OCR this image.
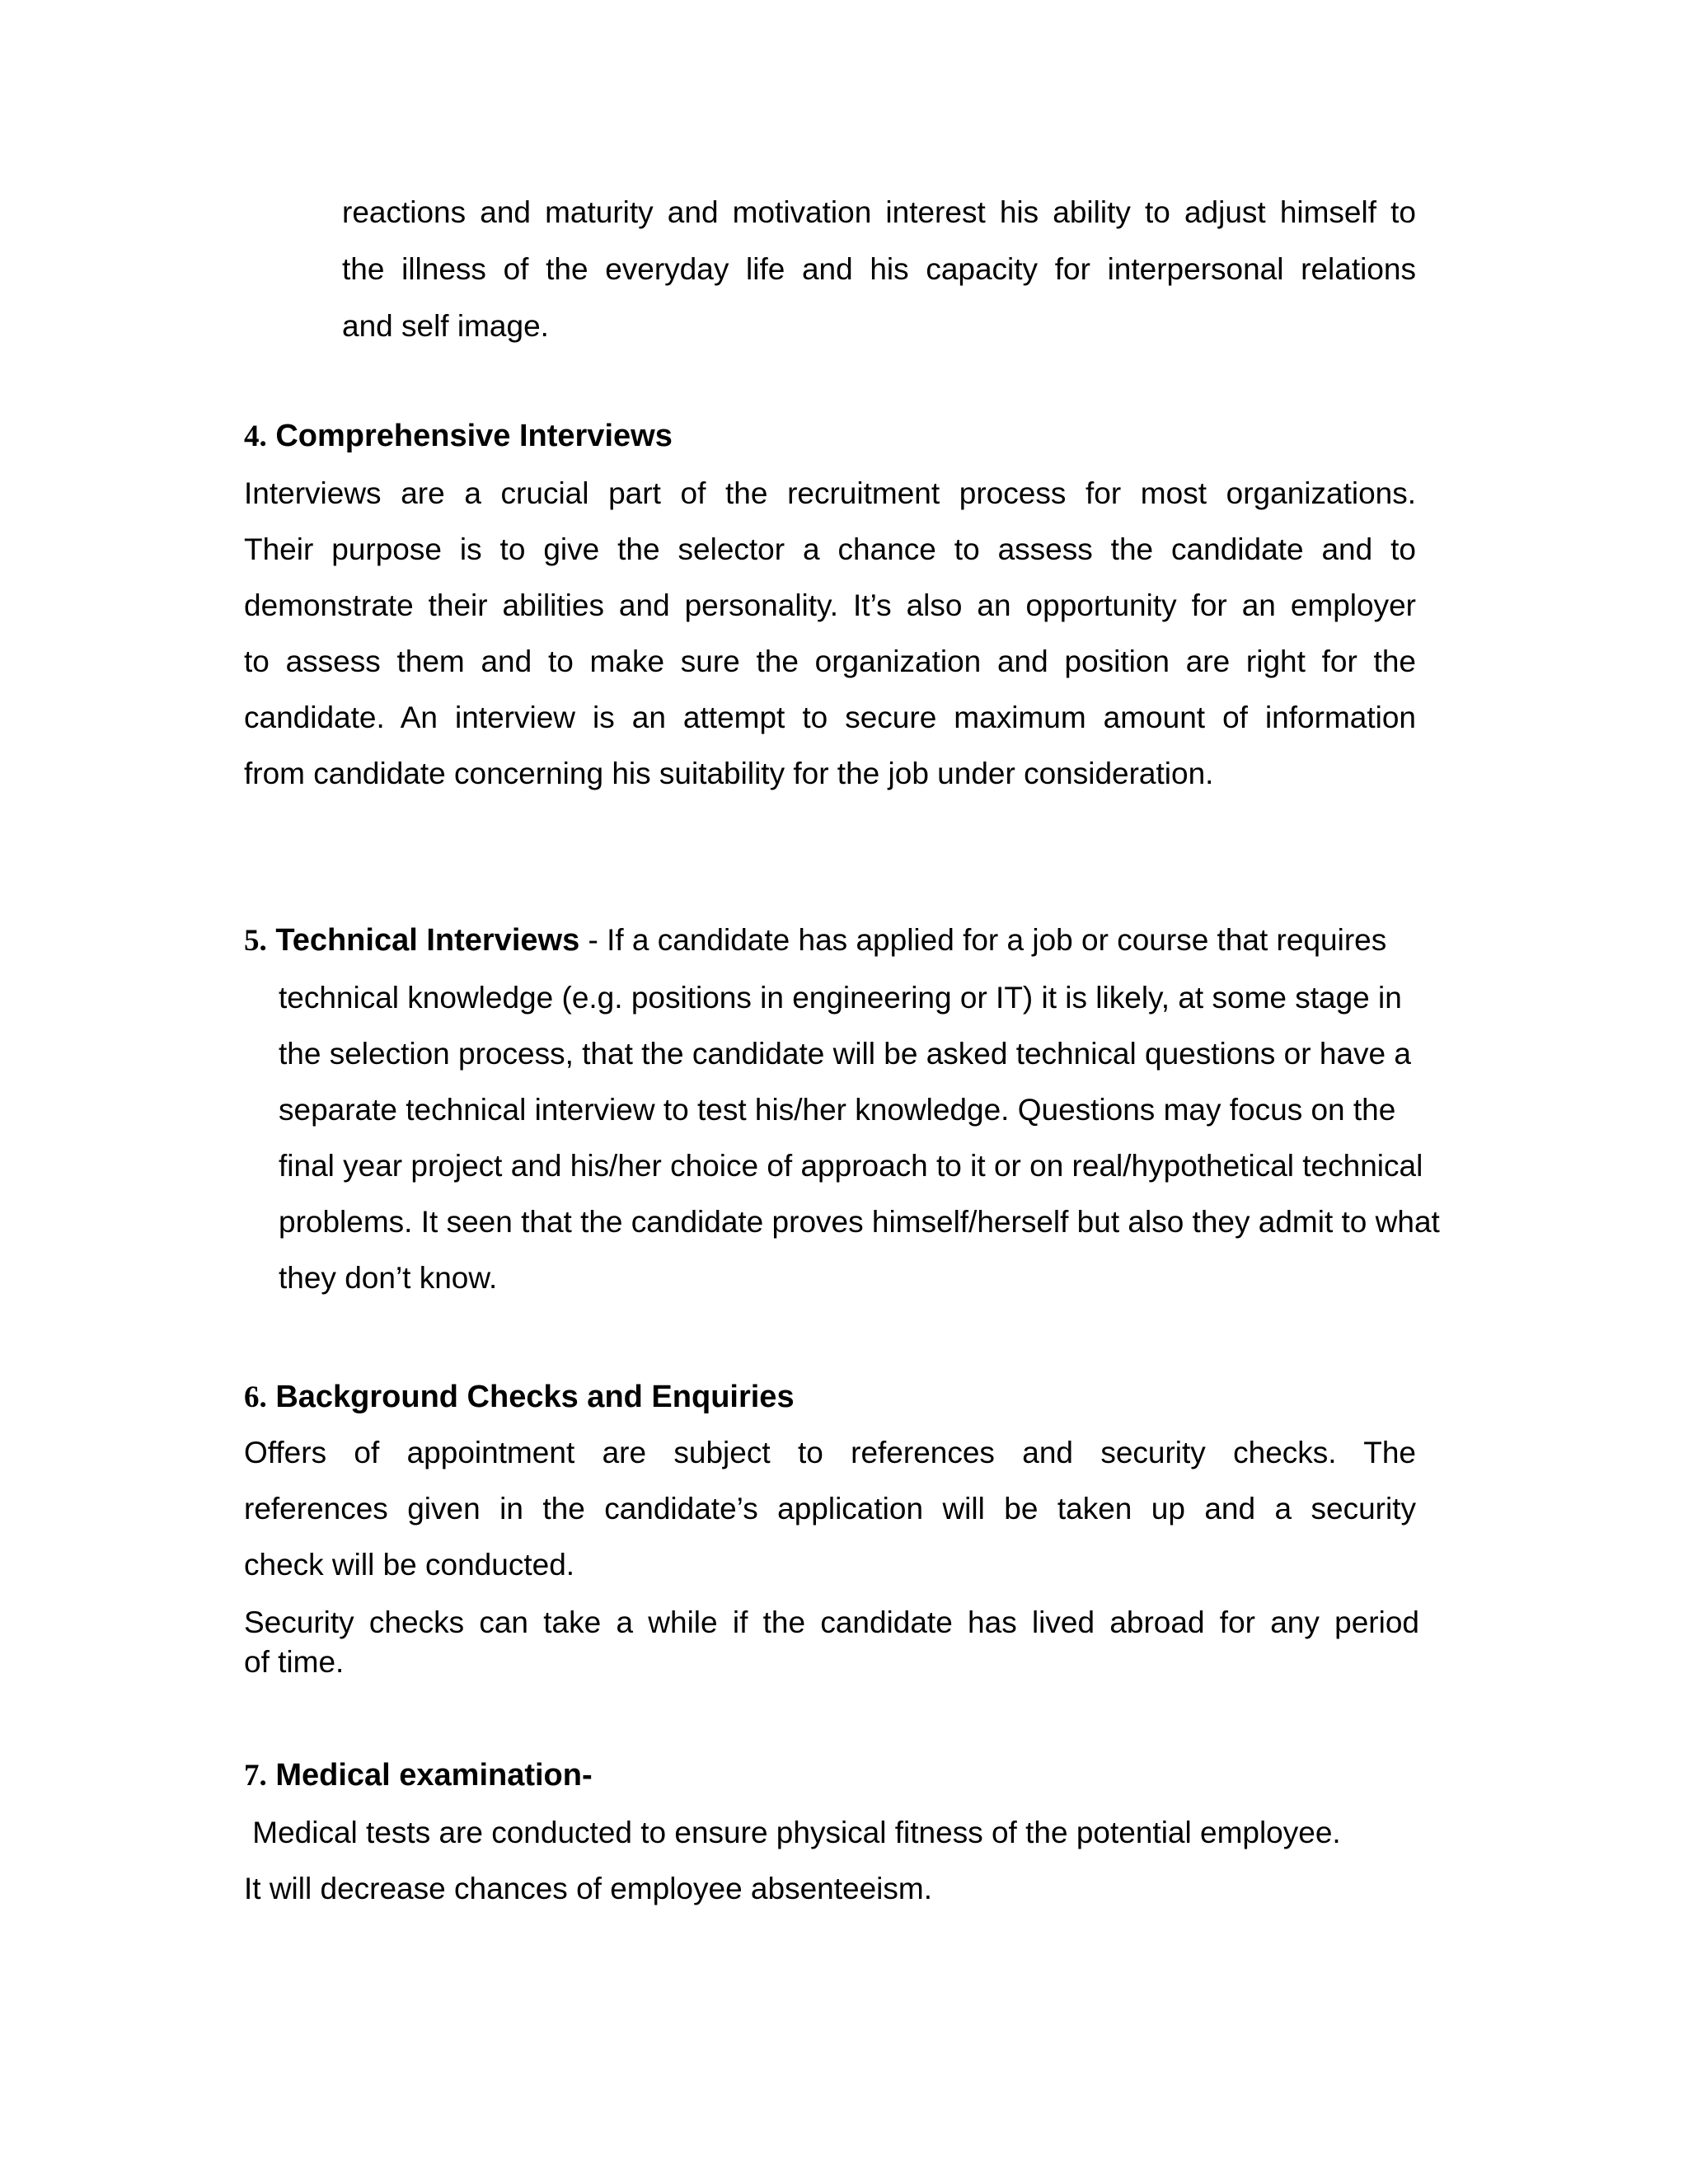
reactions and maturity and motivation interest his ability to adjust himself to

the illness of the everyday life and his capacity for interpersonal relations

and self image.

4. Comprehensive Interviews

Interviews are a crucial part of the recruitment process for most organizations.

Their purpose is to give the selector a chance to assess the candidate and to

demonstrate their abilities and personality. It’s also an opportunity for an employer

to assess them and to make sure the organization and position are right for the

candidate. An interview is an attempt to secure maximum amount of information

from candidate concerning his suitability for the job under consideration.

5. Technical Interviews - If a candidate has applied for a job or course that requires

technical knowledge (e.g. positions in engineering or IT) it is likely, at some stage in

the selection process, that the candidate will be asked technical questions or have a

separate technical interview to test his/her knowledge. Questions may focus on the

final year project and his/her choice of approach to it or on real/hypothetical technical

problems. It seen that the candidate proves himself/herself but also they admit to what

they don’t know.

6. Background Checks and Enquiries

Offers of appointment are subject to references and security checks. The

references given in the candidate’s application will be taken up and a security

check will be conducted.

Security checks can take a while if the candidate has lived abroad for any period

of time.

7. Medical examination-

Medical tests are conducted to ensure physical fitness of the potential employee.

It will decrease chances of employee absenteeism.
